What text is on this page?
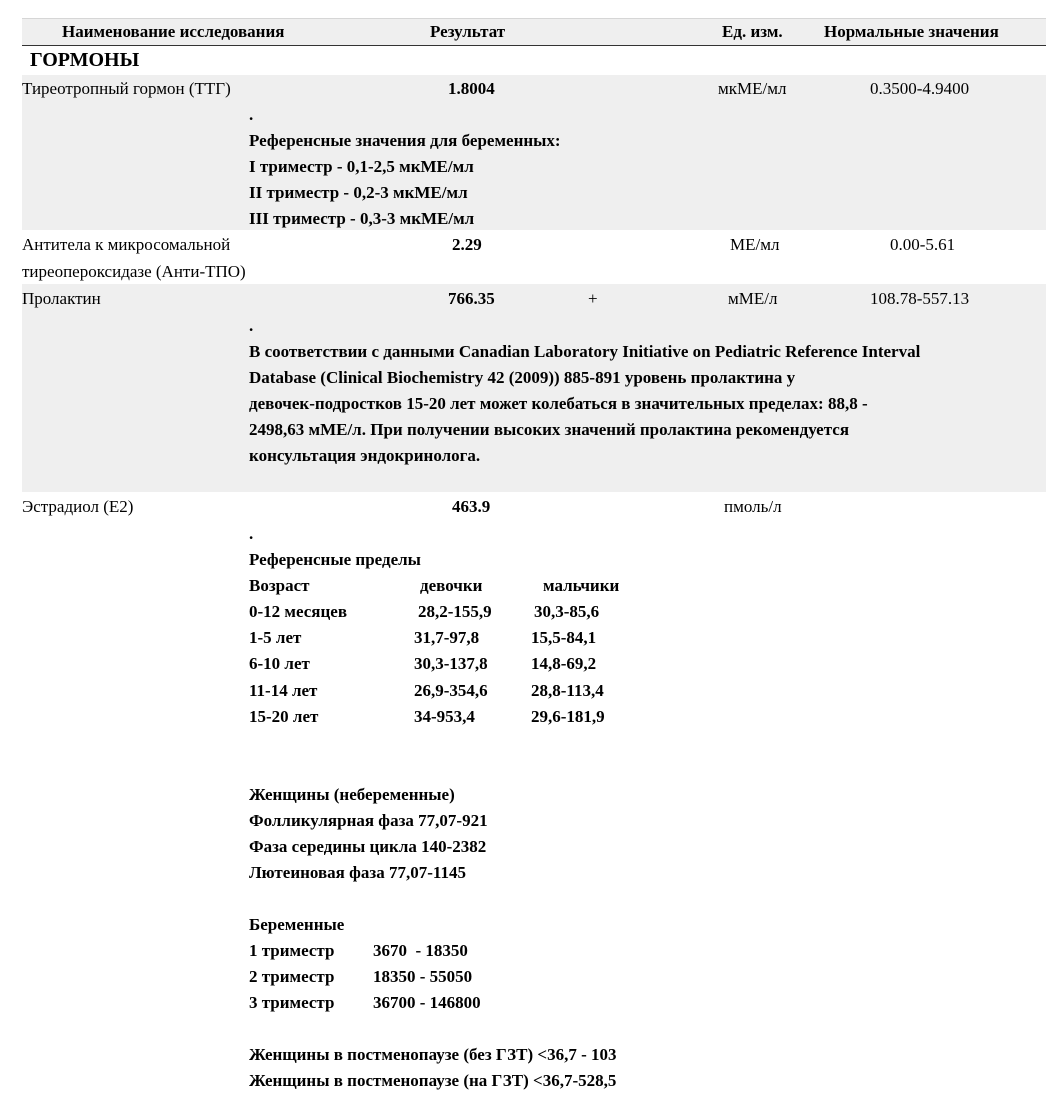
Наименование исследования	Результат	Ед. изм. Нормальные значения
ГОРМОНЫ
Тиреотропный гормон (ТТГ)	1.8004	мкМЕ/мл	0.3500-4.9400
.
Референсные значения для беременных:
I триместр - 0,1-2,5 мкМЕ/мл
II триместр - 0,2-3 мкМЕ/мл
III триместр - 0,3-3 мкМЕ/мл
Антитела к микросомальной
тиреопероксидазе (Анти-ТПО)
2.29	МЕ/мл	0.00-5.61
Пролактин	766.35	+	мМЕ/л	108.78-557.13
.
В соответствии с данными Canadian Laboratory Initiative on Pediatric Reference Interval
Database (Clinical Biochemistry 42 (2009)) 885-891 уровень пролактина у
девочек-подростков 15-20 лет может колебаться в значительных пределах: 88,8 -
2498,63 мМЕ/л. При получении высоких значений пролактина рекомендуется
консультация эндокринолога.
Эстрадиол (E2)	463.9	пмоль/л
.
Референсные пределы
Возраст	девочки	мальчики
0-12 месяцев	28,2-155,9 30,3-85,6
1-5 лет	31,7-97,8	15,5-84,1
6-10 лет	30,3-137,8	14,8-69,2
11-14 лет	26,9-354,6	28,8-113,4
15-20 лет	34-953,4	29,6-181,9
Женщины (небеременные)
Фолликулярная фаза 77,07-921
Фаза середины цикла 140-2382
Лютеиновая фаза 77,07-1145
Беременные
1 триместр 3670  - 18350
2 триместр 18350 - 55050
3 триместр 36700 - 146800
Женщины в постменопаузе (без ГЗТ) <36,7 - 103
Женщины в постменопаузе (на ГЗТ) <36,7-528,5
